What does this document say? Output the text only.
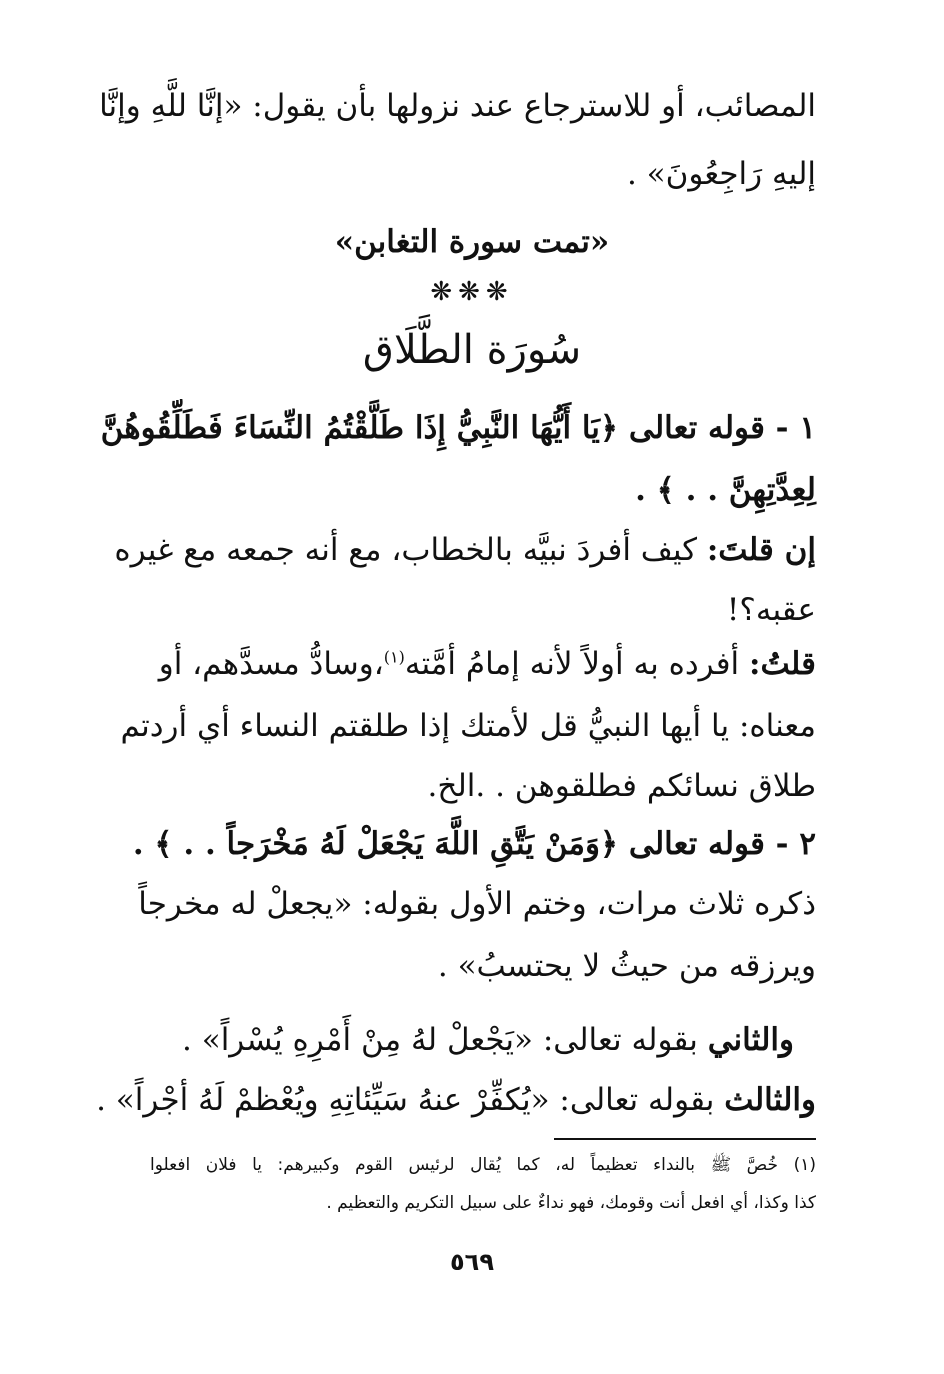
المصائب، أو للاسترجاع عند نزولها بأن يقول: «إنَّا للَّهِ وإنَّا
إليهِ رَاجِعُونَ» .
«تمت سورة التغابن»
❋❋❋
سُورَة الطَّلَاق
١ - قوله تعالى ﴿يَا أَيُّهَا النَّبِيُّ إِذَا طَلَّقْتُمُ النِّسَاءَ فَطَلِّقُوهُنَّ
لِعِدَّتِهِنَّ . . ﴾ .
إن قلتَ: كيف أفردَ نبيَّه بالخطاب، مع أنه جمعه مع غيره
عقبه؟!
قلتُ: أفرده به أولاً لأنه إمامُ أمَّته$^{(١)}$،وسادُّ مسدَّهم، أو
معناه: يا أيها النبيُّ قل لأمتك إذا طلقتم النساء أي أردتم
طلاق نسائكم فطلقوهن . .الخ.
٢ - قوله تعالى ﴿وَمَنْ يَتَّقِ اللَّهَ يَجْعَلْ لَهُ مَخْرَجاً . . ﴾ .
ذكره ثلاث مرات، وختم الأول بقوله: «يجعلْ له مخرجاً
ويرزقه من حيثُ لا يحتسبُ» .
والثاني بقوله تعالى: «يَجْعلْ لهُ مِنْ أَمْرِهِ يُسْراً» .
والثالث بقوله تعالى: «يُكفِّرْ عنهُ سَيِّئاتِهِ ويُعْظمْ لَهُ أجْراً» .
(١) خُصَّ ﷺ بالنداء تعظيماً له، كما يُقال لرئيس القوم وكبيرهم: يا فلان افعلوا
كذا وكذا، أي افعل أنت وقومك، فهو نداءٌ على سبيل التكريم والتعظيم .
٥٦٩
